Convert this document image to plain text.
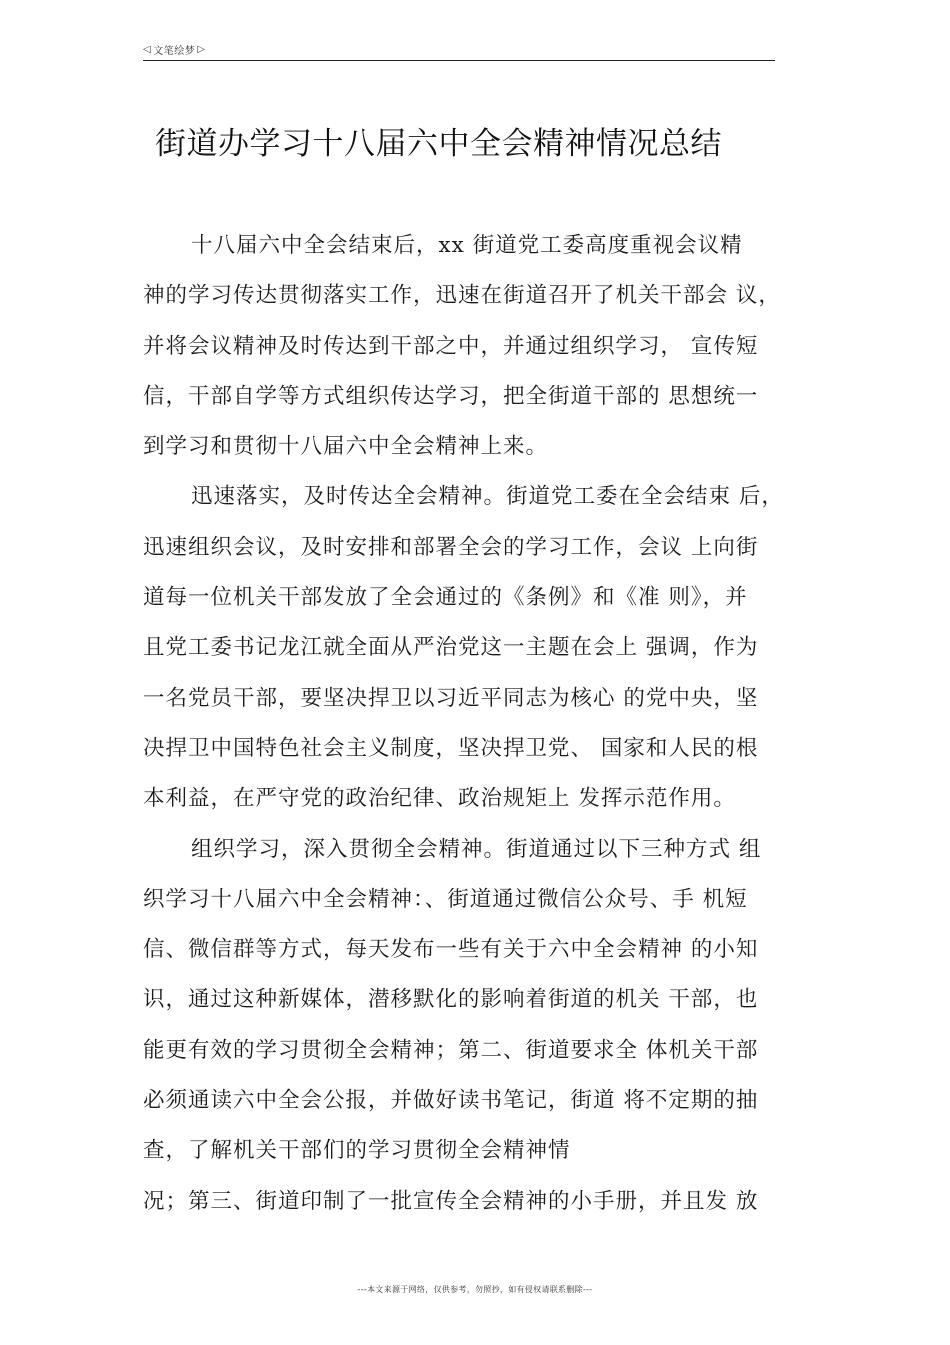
◁ 文笔绘梦 ▷
街道办学习十八届六中全会精神情况总结
十八届六中全会结束后，xx 街道党工委高度重视会议精
神的学习传达贯彻落实工作，迅速在街道召开了机关干部会 议，
并将会议精神及时传达到干部之中，并通过组织学习， 宣传短
信，干部自学等方式组织传达学习，把全街道干部的 思想统一
到学习和贯彻十八届六中全会精神上来。
迅速落实，及时传达全会精神。街道党工委在全会结束 后，
迅速组织会议，及时安排和部署全会的学习工作，会议 上向街
道每一位机关干部发放了全会通过的《条例》和《准 则》，并
且党工委书记龙江就全面从严治党这一主题在会上 强调，作为
一名党员干部，要坚决捍卫以习近平同志为核心 的党中央，坚
决捍卫中国特色社会主义制度，坚决捍卫党、 国家和人民的根
本利益，在严守党的政治纪律、政治规矩上 发挥示范作用。
组织学习，深入贯彻全会精神。街道通过以下三种方式 组
织学习十八届六中全会精神：、街道通过微信公众号、手 机短
信、微信群等方式，每天发布一些有关于六中全会精神 的小知
识，通过这种新媒体，潜移默化的影响着街道的机关 干部，也
能更有效的学习贯彻全会精神；第二、街道要求全 体机关干部
必须通读六中全会公报，并做好读书笔记，街道 将不定期的抽
查，了解机关干部们的学习贯彻全会精神情
况；第三、街道印制了一批宣传全会精神的小手册，并且发 放
---本文来源于网络，仅供参考，勿照抄，如有侵权请联系删除---
